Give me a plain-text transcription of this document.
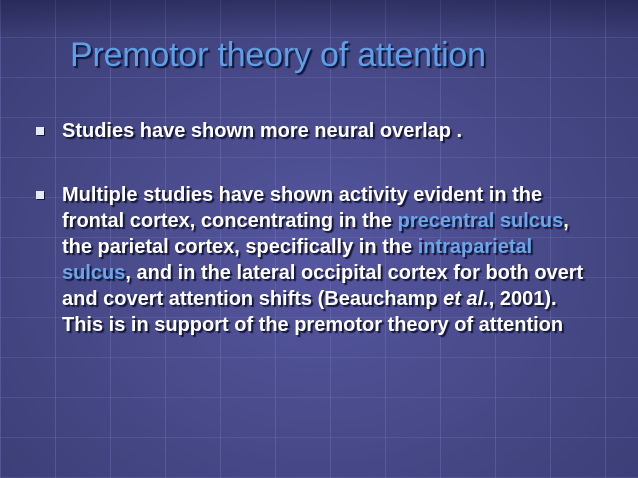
Premotor theory of attention

Studies have shown more neural overlap .

Multiple studies have shown activity evident in the frontal cortex, concentrating in the precentral sulcus, the parietal cortex, specifically in the intraparietal sulcus, and in the lateral occipital cortex for both overt and covert attention shifts (Beauchamp et al., 2001). This is in support of the premotor theory of attention
